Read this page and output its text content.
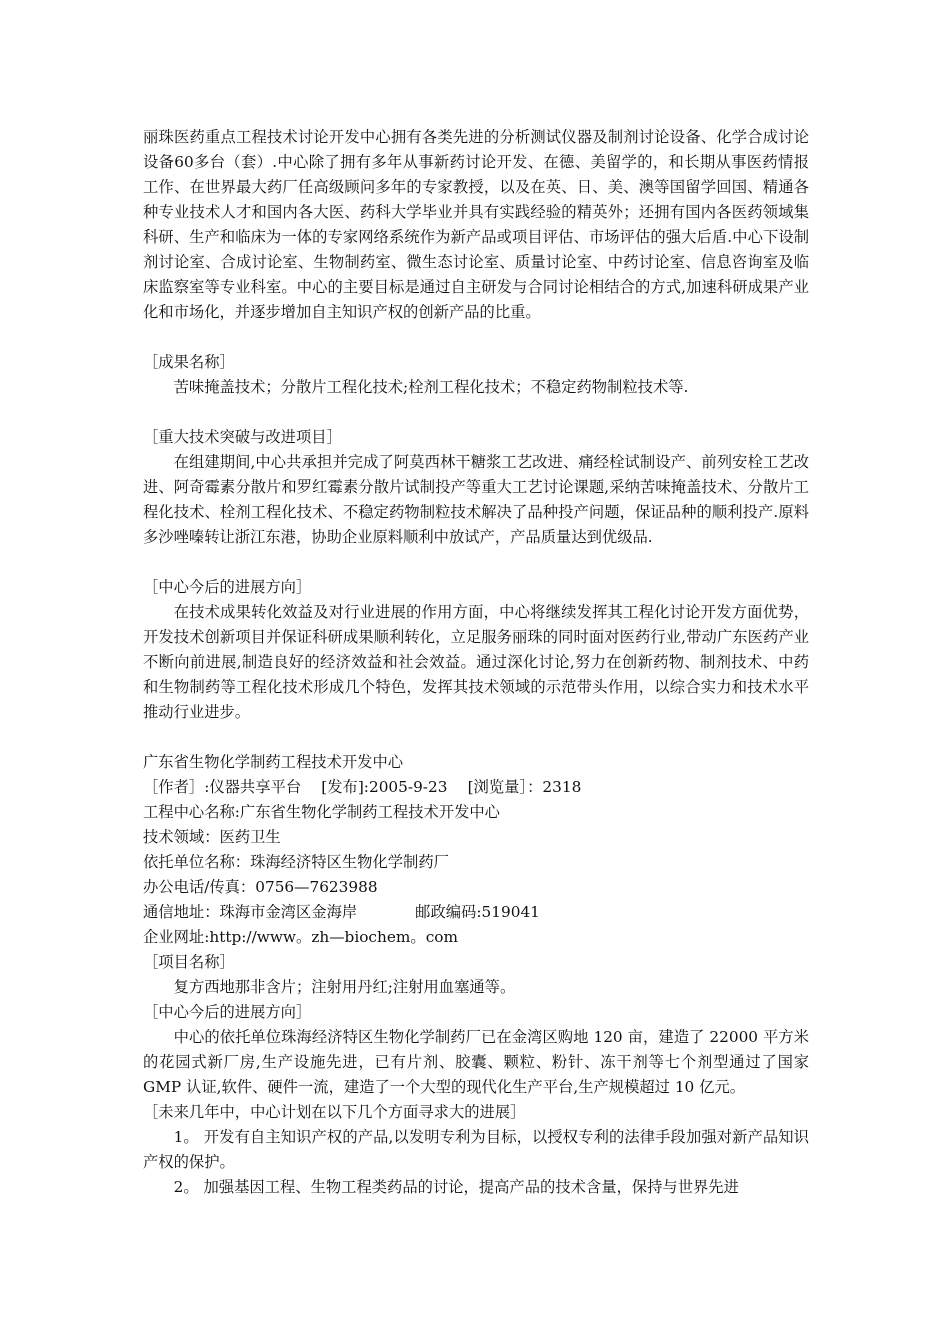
丽珠医药重点工程技术讨论开发中心拥有各类先进的分析测试仪器及制剂讨论设备、化学合成讨论设备60多台（套）.中心除了拥有多年从事新药讨论开发、在德、美留学的，和长期从事医药情报工作、在世界最大药厂任高级顾问多年的专家教授，以及在英、日、美、澳等国留学回国、精通各种专业技术人才和国内各大医、药科大学毕业并具有实践经验的精英外；还拥有国内各医药领域集科研、生产和临床为一体的专家网络系统作为新产品或项目评估、市场评估的强大后盾.中心下设制剂讨论室、合成讨论室、生物制药室、微生态讨论室、质量讨论室、中药讨论室、信息咨询室及临床监察室等专业科室。中心的主要目标是通过自主研发与合同讨论相结合的方式,加速科研成果产业化和市场化，并逐步增加自主知识产权的创新产品的比重。

［成果名称］

苦味掩盖技术；分散片工程化技术;栓剂工程化技术；不稳定药物制粒技术等.

［重大技术突破与改进项目］

在组建期间,中心共承担并完成了阿莫西林干糖浆工艺改进、痛经栓试制设产、前列安栓工艺改进、阿奇霉素分散片和罗红霉素分散片试制投产等重大工艺讨论课题,采纳苦味掩盖技术、分散片工程化技术、栓剂工程化技术、不稳定药物制粒技术解决了品种投产问题，保证品种的顺利投产.原料多沙唑嗪转让浙江东港，协助企业原料顺利中放试产，产品质量达到优级品.

［中心今后的进展方向］

在技术成果转化效益及对行业进展的作用方面，中心将继续发挥其工程化讨论开发方面优势，开发技术创新项目并保证科研成果顺利转化，立足服务丽珠的同时面对医药行业,带动广东医药产业不断向前进展,制造良好的经济效益和社会效益。通过深化讨论,努力在创新药物、制剂技术、中药和生物制药等工程化技术形成几个特色，发挥其技术领域的示范带头作用，以综合实力和技术水平推动行业进步。

广东省生物化学制药工程技术开发中心

［作者］:仪器共享平台　 [发布]:2005-9-23　 [浏览量］：2318

工程中心名称:广东省生物化学制药工程技术开发中心

技术领域：医药卫生

依托单位名称：珠海经济特区生物化学制药厂

办公电话/传真：0756—7623988

通信地址：珠海市金湾区金海岸	邮政编码:519041

企业网址:http://www。zh—biochem。com

［项目名称］

复方西地那非含片；注射用丹红;注射用血塞通等。

［中心今后的进展方向］

中心的依托单位珠海经济特区生物化学制药厂已在金湾区购地 120 亩，建造了 22000 平方米的花园式新厂房,生产设施先进，已有片剂、胶囊、颗粒、粉针、冻干剂等七个剂型通过了国家 GMP 认证,软件、硬件一流，建造了一个大型的现代化生产平台,生产规模超过 10 亿元。

［未来几年中，中心计划在以下几个方面寻求大的进展］

1。 开发有自主知识产权的产品,以发明专利为目标，以授权专利的法律手段加强对新产品知识产权的保护。

2。 加强基因工程、生物工程类药品的讨论，提高产品的技术含量，保持与世界先进
